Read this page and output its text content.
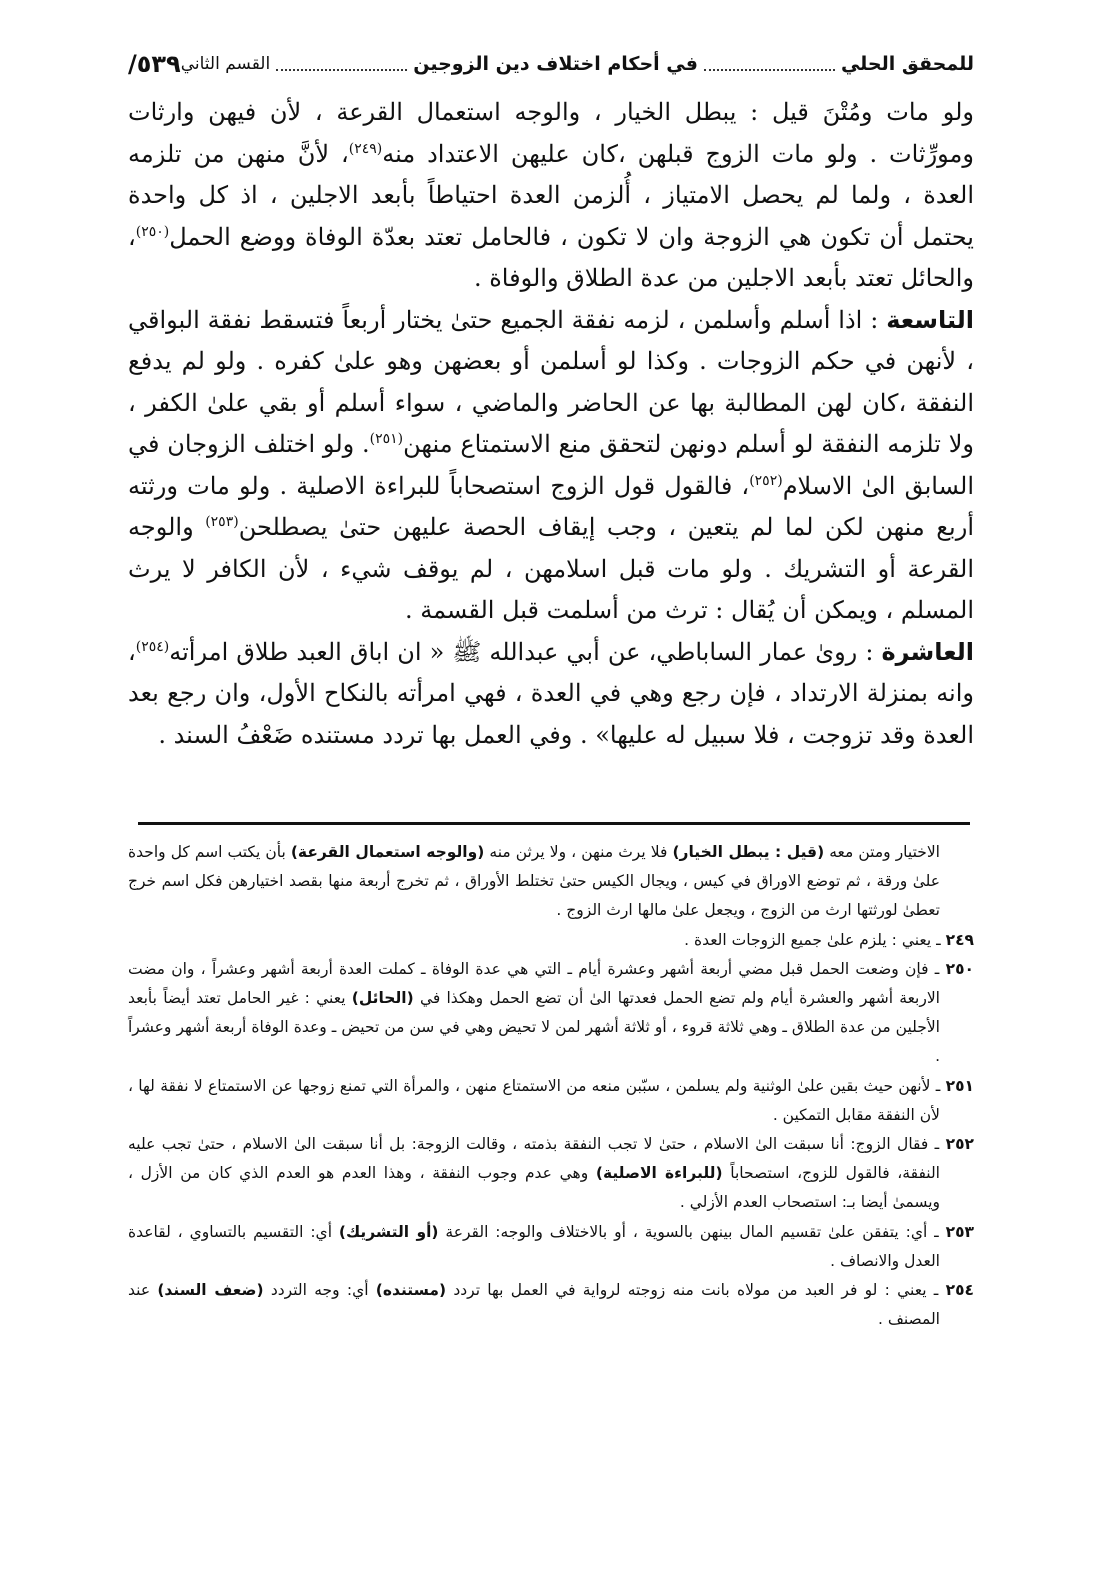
للمحقق الحلي
في أحكام اختلاف دين الزوجين
القسم الثاني
٥٣٩/

ولو مات ومُتْنَ قيل : يبطل الخيار ، والوجه استعمال القرعة ، لأن فيهن وارثات ومورِّثات . ولو مات الزوج قبلهن ،كان عليهن الاعتداد منه$^{(٢٤٩)}$، لأنَّ منهن من تلزمه العدة ، ولما لم يحصل الامتياز ، أُلزمن العدة احتياطاً بأبعد الاجلين ، اذ كل واحدة يحتمل أن تكون هي الزوجة وان لا تكون ، فالحامل تعتد بعدّة الوفاة ووضع الحمل$^{(٢٥٠)}$، والحائل تعتد بأبعد الاجلين من عدة الطلاق والوفاة .

التاسعة : اذا أسلم وأسلمن ، لزمه نفقة الجميع حتىٰ يختار أربعاً فتسقط نفقة البواقي ، لأنهن في حكم الزوجات . وكذا لو أسلمن أو بعضهن وهو علىٰ كفره . ولو لم يدفع النفقة ،كان لهن المطالبة بها عن الحاضر والماضي ، سواء أسلم أو بقي علىٰ الكفر ، ولا تلزمه النفقة لو أسلم دونهن لتحقق منع الاستمتاع منهن$^{(٢٥١)}$. ولو اختلف الزوجان في السابق الىٰ الاسلام$^{(٢٥٢)}$، فالقول قول الزوج استصحاباً للبراءة الاصلية . ولو مات ورثته أربع منهن لكن لما لم يتعين ، وجب إيقاف الحصة عليهن حتىٰ يصطلحن$^{(٢٥٣)}$ والوجه القرعة أو التشريك . ولو مات قبل اسلامهن ، لم يوقف شيء ، لأن الكافر لا يرث المسلم ، ويمكن أن يُقال : ترث من أسلمت قبل القسمة .

العاشرة : روىٰ عمار الساباطي، عن أبي عبدالله ﷺ « ان اباق العبد طلاق امرأته$^{(٢٥٤)}$، وانه بمنزلة الارتداد ، فإن رجع وهي في العدة ، فهي امرأته بالنكاح الأول، وان رجع بعد العدة وقد تزوجت ، فلا سبيل له عليها» . وفي العمل بها تردد مستنده ضَعْفُ السند .

الاختيار ومتن معه (قيل : يبطل الخيار) فلا يرث منهن ، ولا يرثن منه (والوجه استعمال القرعة) بأن يكتب اسم كل واحدة علىٰ ورقة ، ثم توضع الاوراق في كيس ، ويجال الكيس حتىٰ تختلط الأوراق ، ثم تخرج أربعة منها بقصد اختيارهن فكل اسم خرج تعطىٰ لورثتها ارث من الزوج ، ويجعل علىٰ مالها ارث الزوج .

٢٤٩ ـ يعني : يلزم علىٰ جميع الزوجات العدة .

٢٥٠ ـ فإن وضعت الحمل قبل مضي أربعة أشهر وعشرة أيام ـ التي هي عدة الوفاة ـ كملت العدة أربعة أشهر وعشراً ، وان مضت الاربعة أشهر والعشرة أيام ولم تضع الحمل فعدتها الىٰ أن تضع الحمل وهكذا في (الحائل) يعني : غير الحامل تعتد أيضاً بأبعد الأجلين من عدة الطلاق ـ وهي ثلاثة قروء ، أو ثلاثة أشهر لمن لا تحيض وهي في سن من تحيض ـ وعدة الوفاة أربعة أشهر وعشراً .

٢٥١ ـ لأنهن حيث بقين علىٰ الوثنية ولم يسلمن ، سبّبن منعه من الاستمتاع منهن ، والمرأة التي تمنع زوجها عن الاستمتاع لا نفقة لها ، لأن النفقة مقابل التمكين .

٢٥٢ ـ فقال الزوج: أنا سبقت الىٰ الاسلام ، حتىٰ لا تجب النفقة بذمته ، وقالت الزوجة: بل أنا سبقت الىٰ الاسلام ، حتىٰ تجب عليه النفقة، فالقول للزوج، استصحاباً (للبراءة الاصلية) وهي عدم وجوب النفقة ، وهذا العدم هو العدم الذي كان من الأزل ، ويسمىٰ أيضا بـ: استصحاب العدم الأزلي .

٢٥٣ ـ أي: يتفقن علىٰ تقسيم المال بينهن بالسوية ، أو بالاختلاف والوجه: القرعة (أو التشريك) أي: التقسيم بالتساوي ، لقاعدة العدل والانصاف .

٢٥٤ ـ يعني : لو فر العبد من مولاه بانت منه زوجته لرواية في العمل بها تردد (مستنده) أي: وجه التردد (ضعف السند) عند المصنف .
